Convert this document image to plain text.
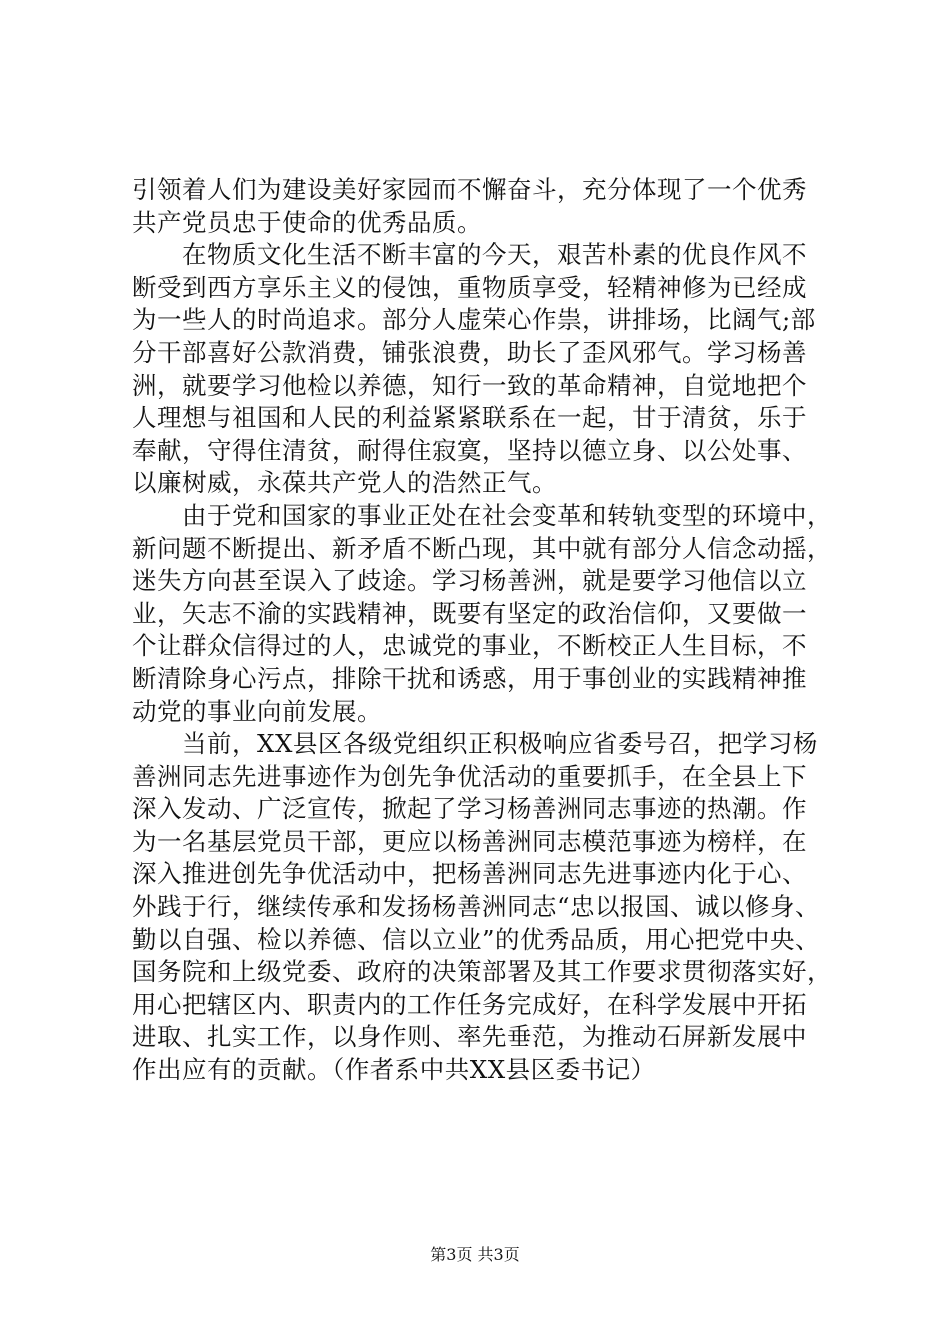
引领着人们为建设美好家园而不懈奋斗，充分体现了一个优秀
共产党员忠于使命的优秀品质。
　　在物质文化生活不断丰富的今天，艰苦朴素的优良作风不
断受到西方享乐主义的侵蚀，重物质享受，轻精神修为已经成
为一些人的时尚追求。部分人虚荣心作祟，讲排场，比阔气;部
分干部喜好公款消费，铺张浪费，助长了歪风邪气。学习杨善
洲，就要学习他检以养德，知行一致的革命精神，自觉地把个
人理想与祖国和人民的利益紧紧联系在一起，甘于清贫，乐于
奉献，守得住清贫，耐得住寂寞，坚持以德立身、以公处事、
以廉树威，永葆共产党人的浩然正气。
　　由于党和国家的事业正处在社会变革和转轨变型的环境中，
新问题不断提出、新矛盾不断凸现，其中就有部分人信念动摇，
迷失方向甚至误入了歧途。学习杨善洲，就是要学习他信以立
业，矢志不渝的实践精神，既要有坚定的政治信仰，又要做一
个让群众信得过的人，忠诚党的事业，不断校正人生目标，不
断清除身心污点，排除干扰和诱惑，用于事创业的实践精神推
动党的事业向前发展。
　　当前，XX县区各级党组织正积极响应省委号召，把学习杨
善洲同志先进事迹作为创先争优活动的重要抓手，在全县上下
深入发动、广泛宣传，掀起了学习杨善洲同志事迹的热潮。作
为一名基层党员干部，更应以杨善洲同志模范事迹为榜样，在
深入推进创先争优活动中，把杨善洲同志先进事迹内化于心、
外践于行，继续传承和发扬杨善洲同志“忠以报国、诚以修身、
勤以自强、检以养德、信以立业”的优秀品质，用心把党中央、
国务院和上级党委、政府的决策部署及其工作要求贯彻落实好，
用心把辖区内、职责内的工作任务完成好，在科学发展中开拓
进取、扎实工作，以身作则、率先垂范，为推动石屏新发展中
作出应有的贡献。（作者系中共XX县区委书记）
第3页 共3页
